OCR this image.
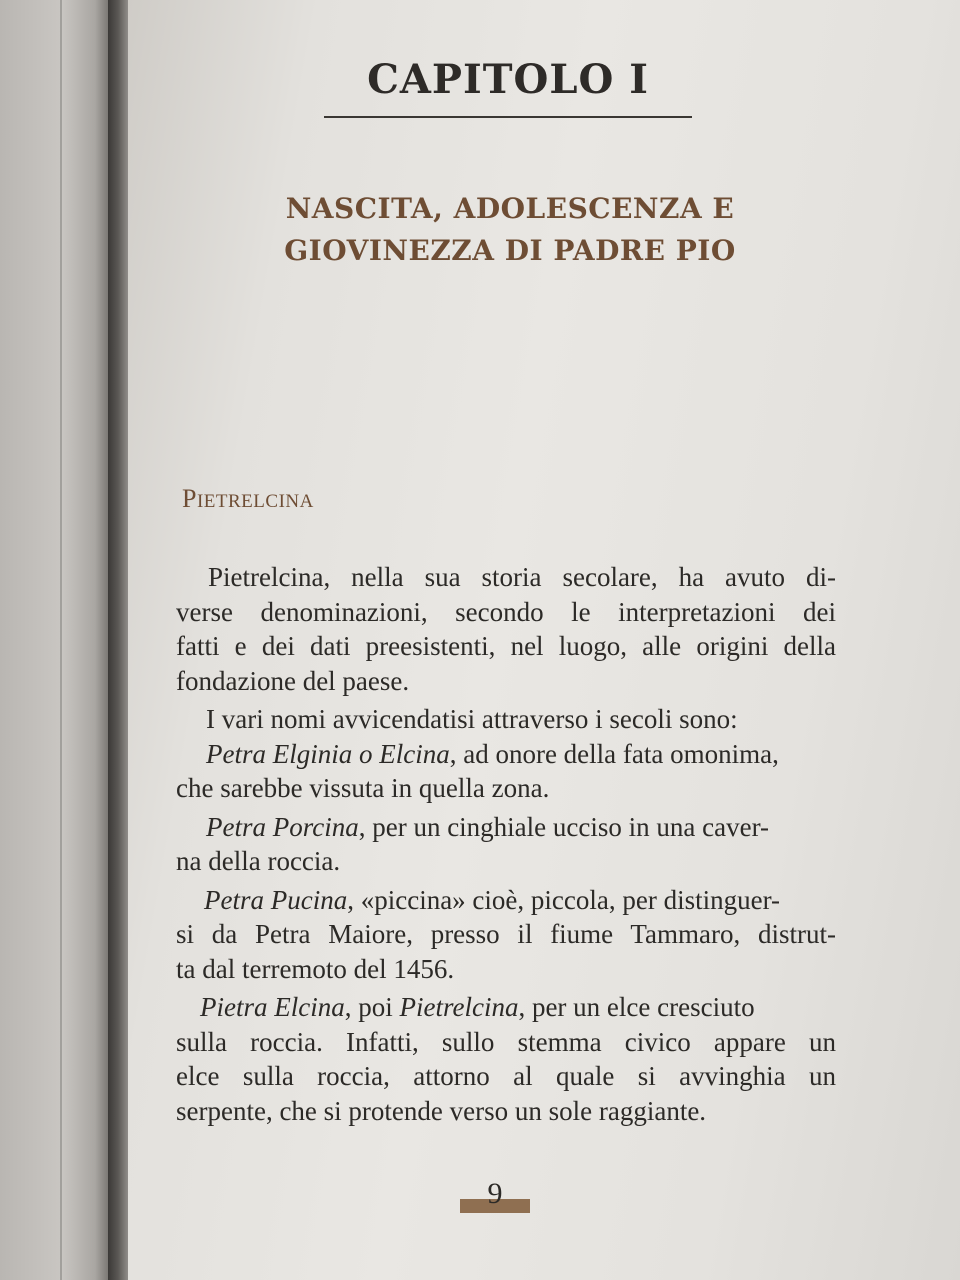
CAPITOLO I
NASCITA, ADOLESCENZA E
GIOVINEZZA DI PADRE PIO
PIETRELCINA
Pietrelcina, nella sua storia secolare, ha avuto di-
verse denominazioni, secondo le interpretazioni dei
fatti e dei dati preesistenti, nel luogo, alle origini della
fondazione del paese.
I vari nomi avvicendatisi attraverso i secoli sono:
Petra Elginia o Elcina, ad onore della fata omonima,
che sarebbe vissuta in quella zona.
Petra Porcina, per un cinghiale ucciso in una caver-
na della roccia.
Petra Pucina, «piccina» cioè, piccola, per distinguer-
si da Petra Maiore, presso il fiume Tammaro, distrut-
ta dal terremoto del 1456.
Pietra Elcina, poi Pietrelcina, per un elce cresciuto
sulla roccia. Infatti, sullo stemma civico appare un
elce sulla roccia, attorno al quale si avvinghia un
serpente, che si protende verso un sole raggiante.
9
